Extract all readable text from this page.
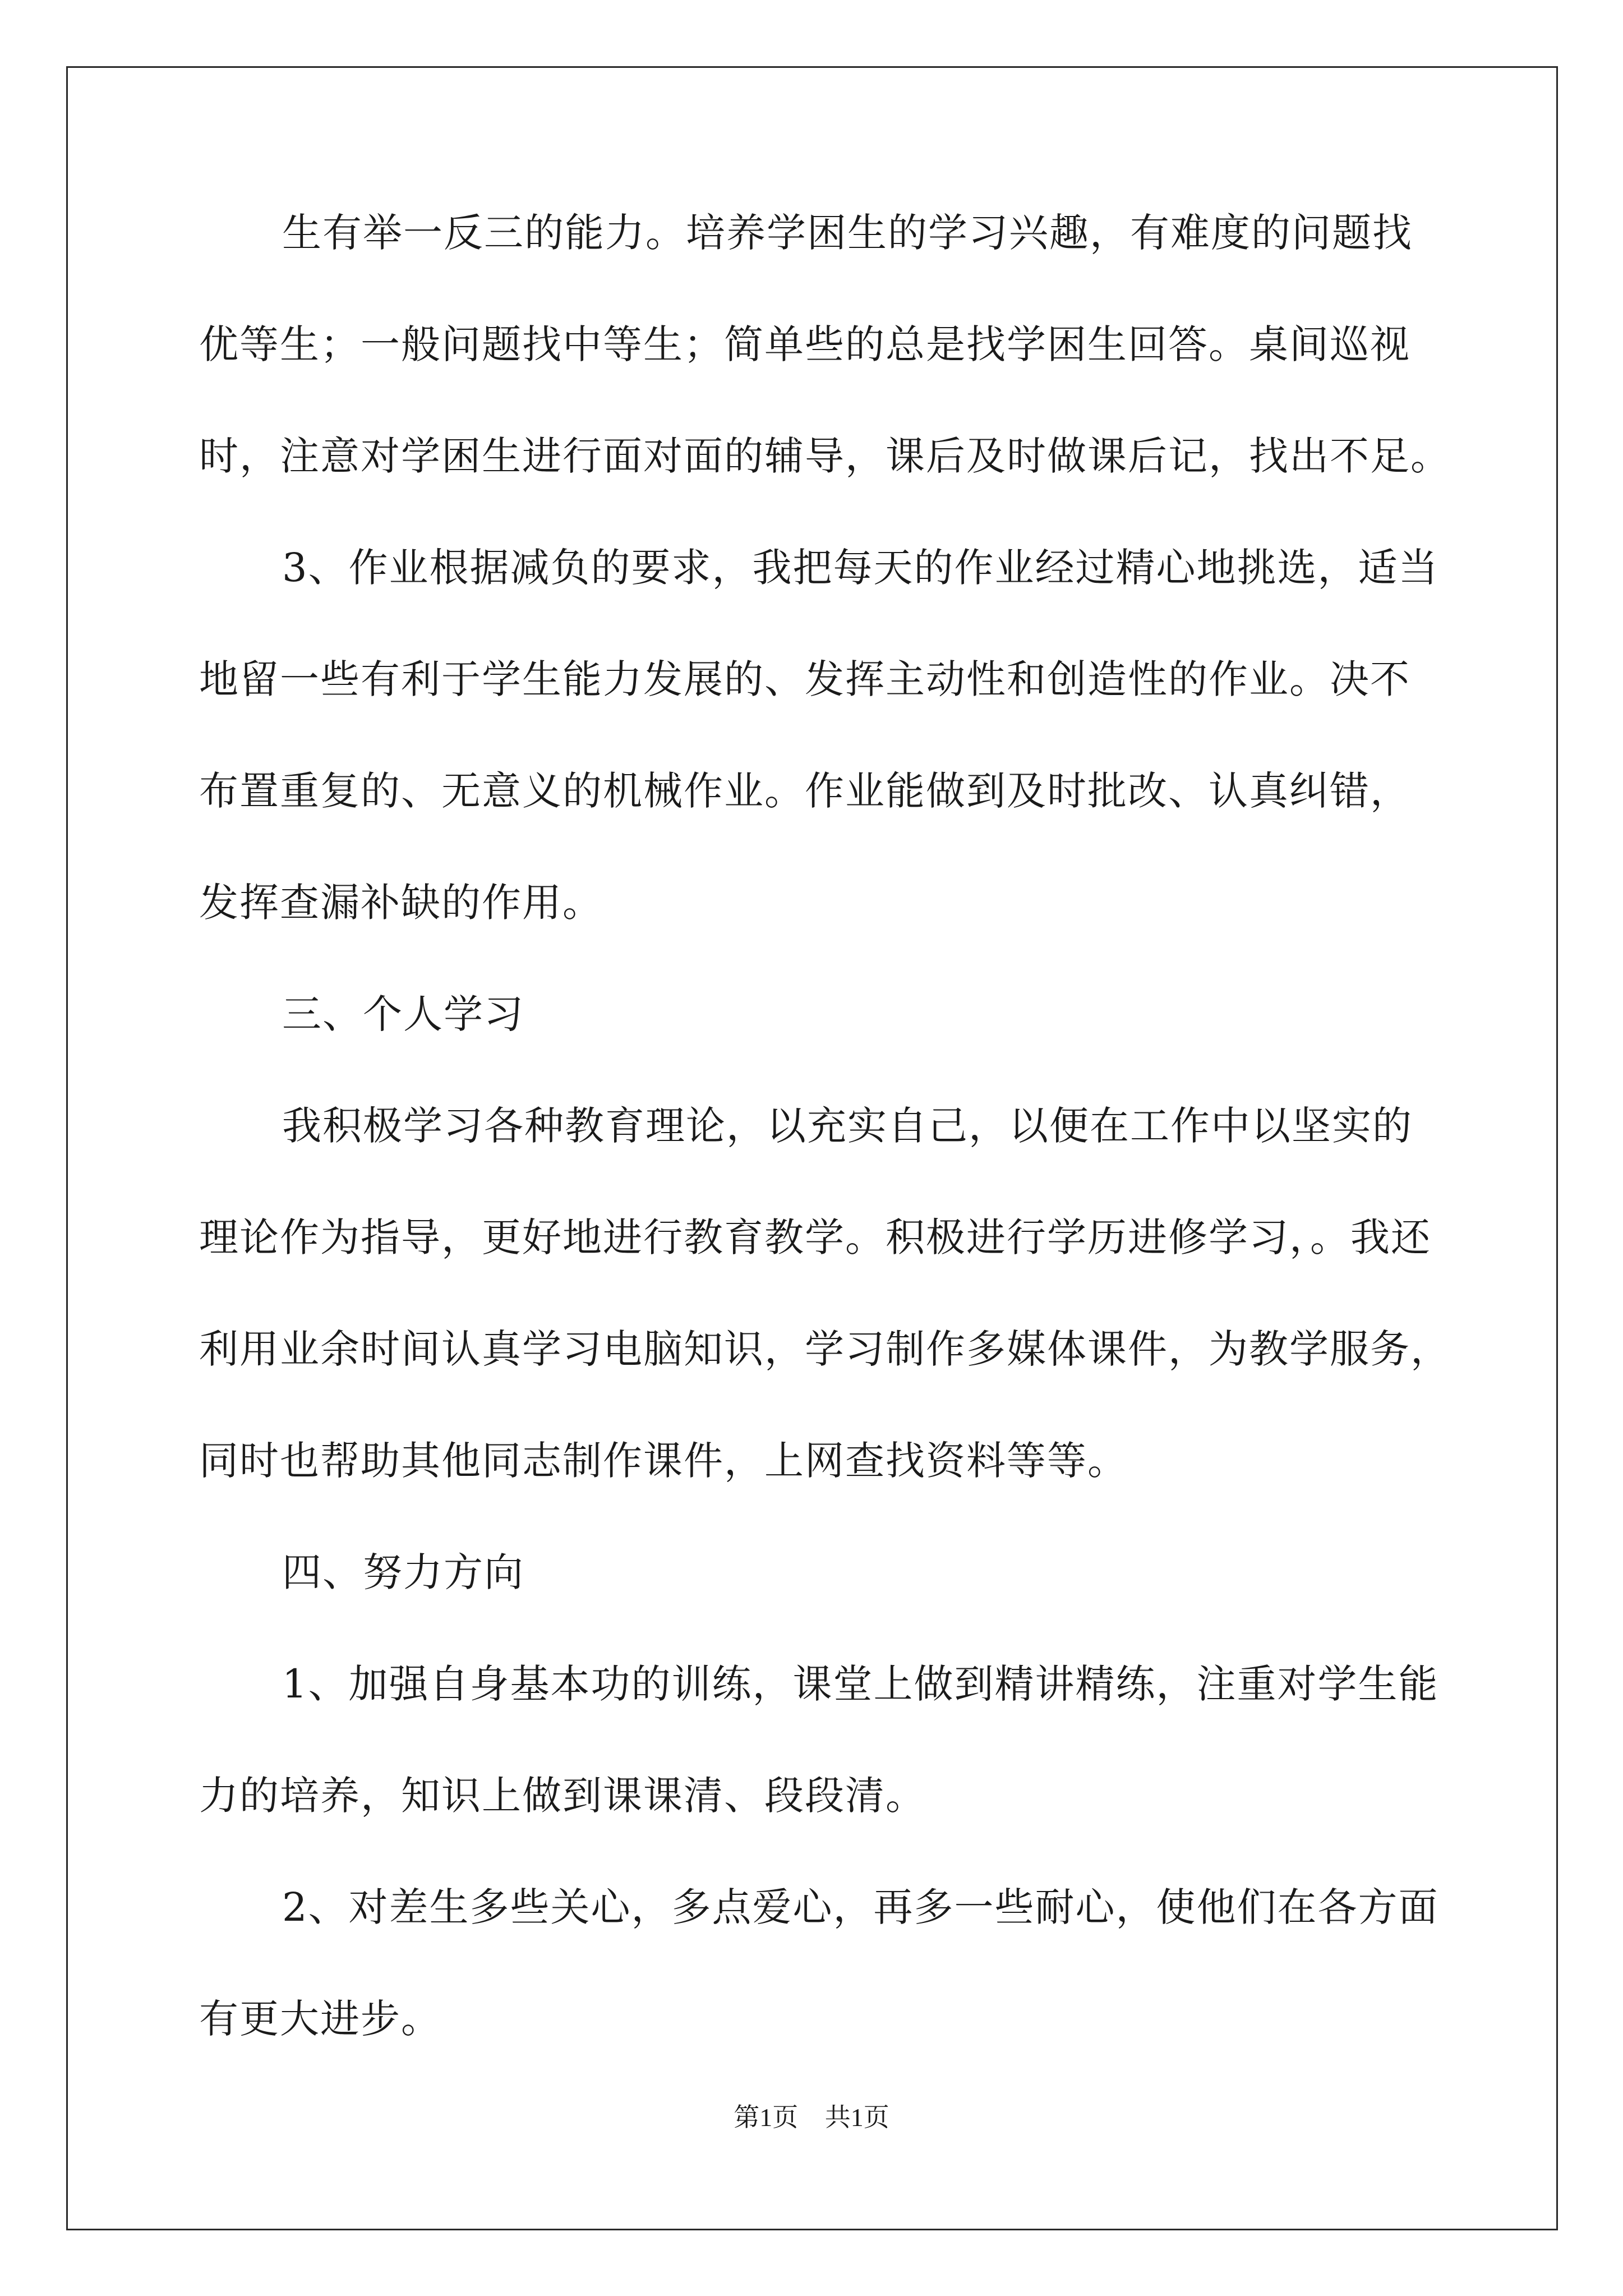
生有举一反三的能力。培养学困生的学习兴趣，有难度的问题找
优等生；一般问题找中等生；简单些的总是找学困生回答。桌间巡视
时，注意对学困生进行面对面的辅导，课后及时做课后记，找出不足。
3、作业根据减负的要求，我把每天的作业经过精心地挑选，适当
地留一些有利于学生能力发展的、发挥主动性和创造性的作业。决不
布置重复的、无意义的机械作业。作业能做到及时批改、认真纠错，
发挥查漏补缺的作用。
三、个人学习
我积极学习各种教育理论，以充实自己，以便在工作中以坚实的
理论作为指导，更好地进行教育教学。积极进行学历进修学习，。我还
利用业余时间认真学习电脑知识，学习制作多媒体课件，为教学服务，
同时也帮助其他同志制作课件，上网查找资料等等。
四、努力方向
1、加强自身基本功的训练，课堂上做到精讲精练，注重对学生能
力的培养，知识上做到课课清、段段清。
2、对差生多些关心，多点爱心，再多一些耐心，使他们在各方面
有更大进步。
第1页 共1页
